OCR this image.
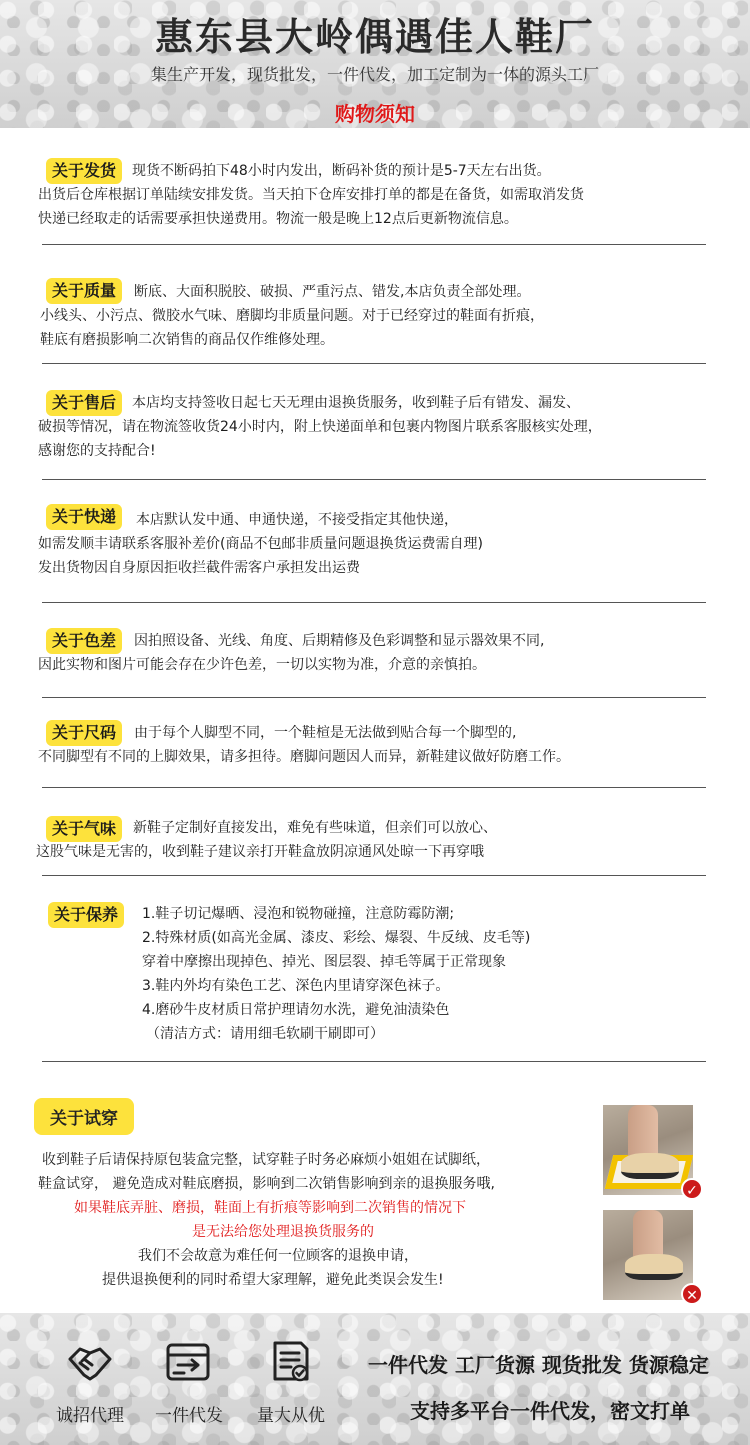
惠东县大岭偶遇佳人鞋厂
集生产开发，现货批发，一件代发，加工定制为一体的源头工厂
购物须知
关于发货	现货不断码拍下48小时内发出，断码补货的预计是5-7天左右出货。
出货后仓库根据订单陆续安排发货。当天拍下仓库安排打单的都是在备货，如需取消发货
快递已经取走的话需要承担快递费用。物流一般是晚上12点后更新物流信息。
关于质量	断底、大面积脱胶、破损、严重污点、错发,本店负责全部处理。
小线头、小污点、微胶水气味、磨脚均非质量问题。对于已经穿过的鞋面有折痕，
鞋底有磨损影响二次销售的商品仅作维修处理。
关于售后	本店均支持签收日起七天无理由退换货服务，收到鞋子后有错发、漏发、
破损等情况，请在物流签收货24小时内，附上快递面单和包裹内物图片联系客服核实处理，
感谢您的支持配合!
关于快递	本店默认发中通、申通快递，不接受指定其他快递，
如需发顺丰请联系客服补差价(商品不包邮非质量问题退换货运费需自理)
发出货物因自身原因拒收拦截件需客户承担发出运费
关于色差	因拍照设备、光线、角度、后期精修及色彩调整和显示器效果不同,
因此实物和图片可能会存在少许色差，一切以实物为准，介意的亲慎拍。
关于尺码	由于每个人脚型不同，一个鞋楦是无法做到贴合每一个脚型的,
不同脚型有不同的上脚效果，请多担待。磨脚问题因人而异，新鞋建议做好防磨工作。
关于气味	新鞋子定制好直接发出，难免有些味道，但亲们可以放心、
这股气味是无害的，收到鞋子建议亲打开鞋盒放阴凉通风处晾一下再穿哦
关于保养	1.鞋子切记爆晒、浸泡和锐物碰撞，注意防霉防潮;
2.特殊材质(如高光金属、漆皮、彩绘、爆裂、牛反绒、皮毛等)
穿着中摩擦出现掉色、掉光、图层裂、掉毛等属于正常现象
3.鞋内外均有染色工艺、深色内里请穿深色袜子。
4.磨砂牛皮材质日常护理请勿水洗，避免油渍染色
（清洁方式：请用细毛软刷干刷即可）
关于试穿
收到鞋子后请保持原包装盒完整，试穿鞋子时务必麻烦小姐姐在试脚纸，
鞋盒试穿， 避免造成对鞋底磨损，影响到二次销售影响到亲的退换服务哦,
如果鞋底弄脏、磨损，鞋面上有折痕等影响到二次销售的情况下
是无法给您处理退换货服务的
我们不会故意为难任何一位顾客的退换申请，
提供退换便利的同时希望大家理解，避免此类误会发生!
✓
✕
诚招代理	一件代发	量大从优
一件代发 工厂货源 现货批发 货源稳定
支持多平台一件代发，密文打单
